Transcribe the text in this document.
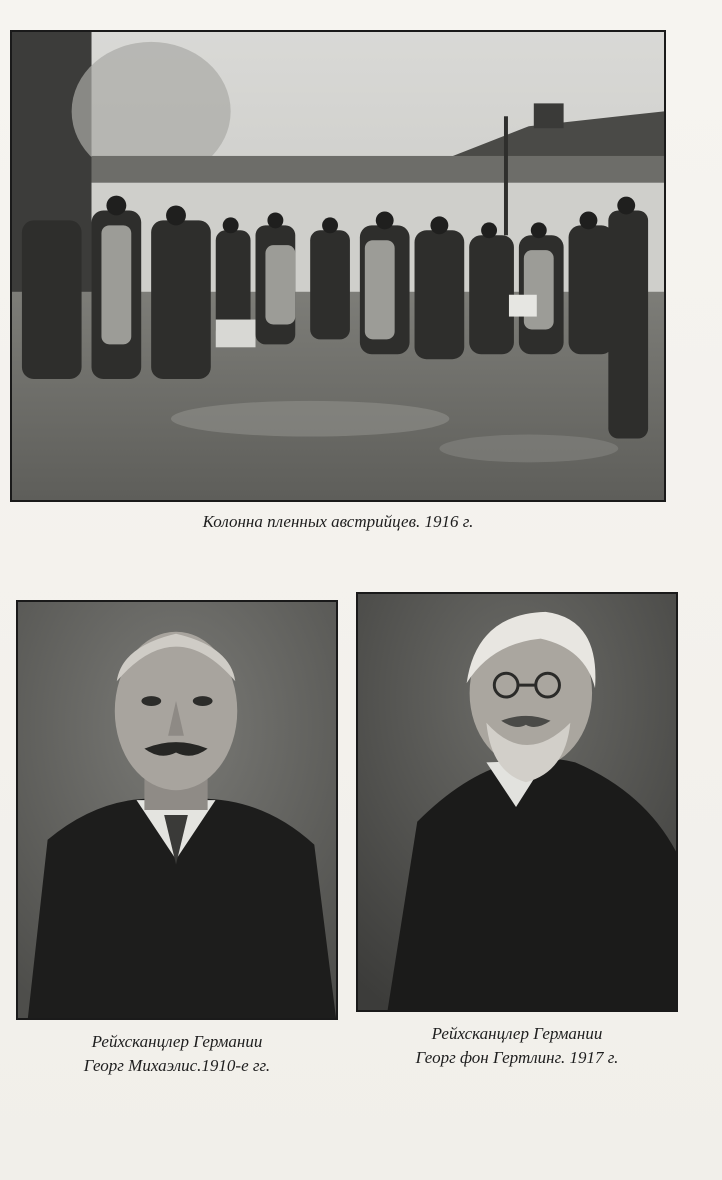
Колонна пленных австрийцев. 1916 г.
Рейхсканцлер Германии
Георг Михаэлис.1910-е гг.
Рейхсканцлер Германии
Георг фон Гертлинг. 1917 г.
